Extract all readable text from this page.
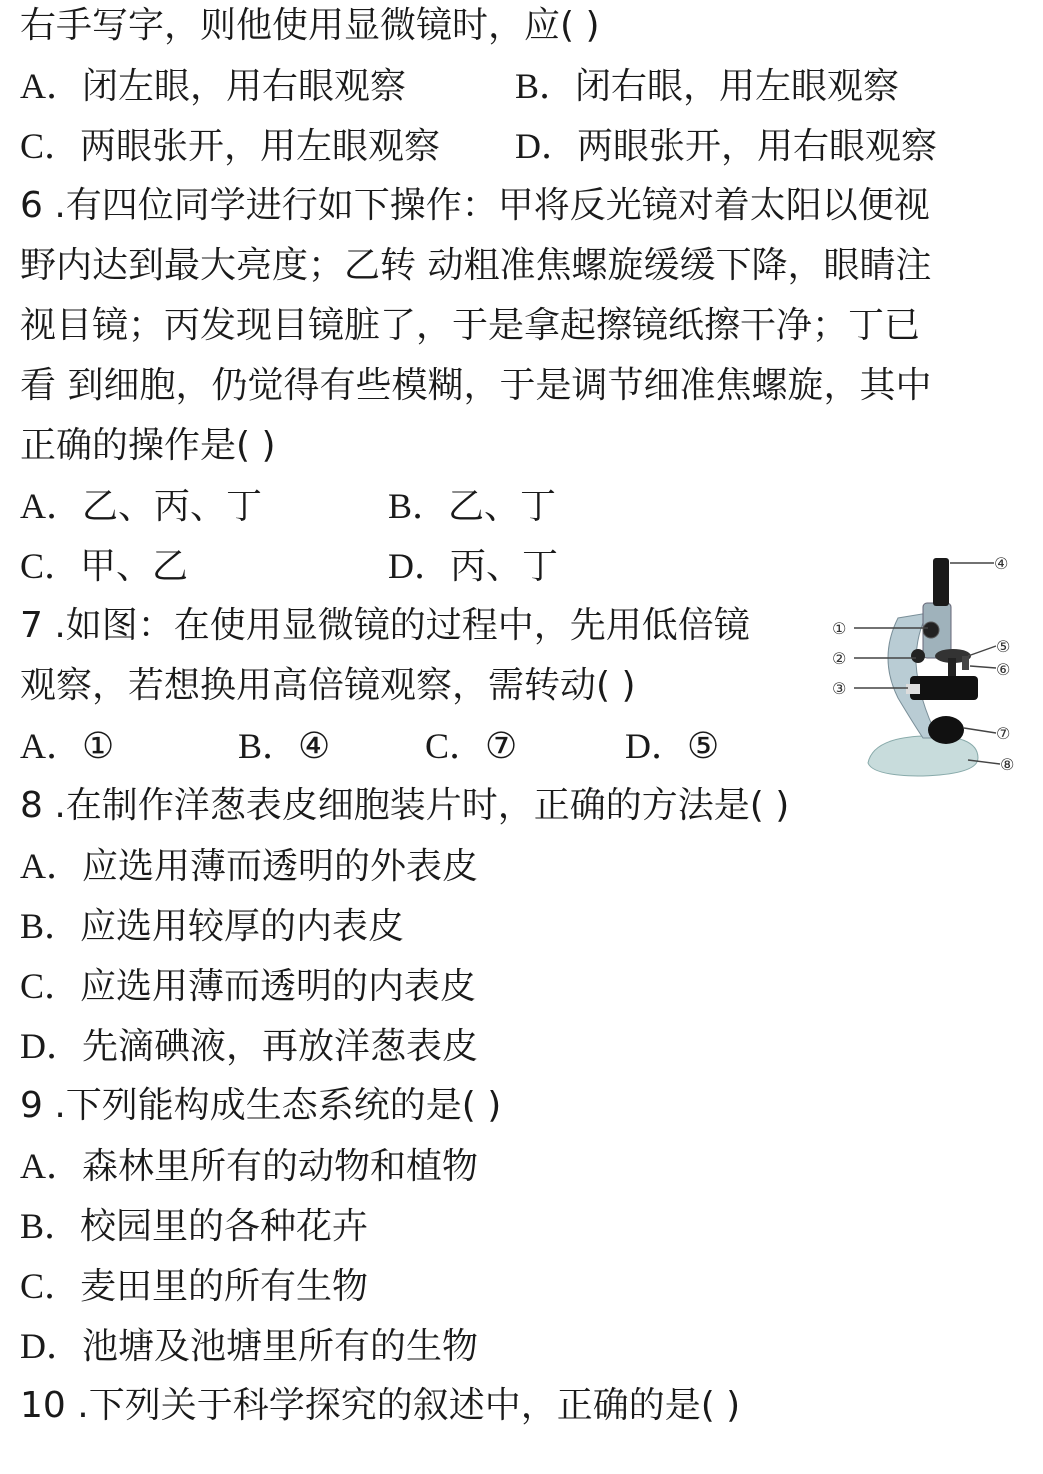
右手写字，则他使用显微镜时，应( )
A．闭左眼，用右眼观察	B．闭右眼，用左眼观察
C．两眼张开，用左眼观察 D．两眼张开，用右眼观察
6 .有四位同学进行如下操作：甲将反光镜对着太阳以便视
野内达到最大亮度；乙转 动粗准焦螺旋缓缓下降，眼睛注
视目镜；丙发现目镜脏了，于是拿起擦镜纸擦干净；丁已
看 到细胞，仍觉得有些模糊，于是调节细准焦螺旋，其中
正确的操作是( )
A．乙、丙、丁	B．乙、丁
C．甲、乙	D．丙、丁
7 .如图：在使用显微镜的过程中，先用低倍镜
观察，若想换用高倍镜观察，需转动( )
A．①	B．④	C．⑦	D．⑤
①
②
③
④
⑤
⑥
⑦
⑧
8 .在制作洋葱表皮细胞装片时，正确的方法是( )
A．应选用薄而透明的外表皮
B．应选用较厚的内表皮
C．应选用薄而透明的内表皮
D．先滴碘液，再放洋葱表皮
9 .下列能构成生态系统的是( )
A．森林里所有的动物和植物
B．校园里的各种花卉
C．麦田里的所有生物
D．池塘及池塘里所有的生物
10 .下列关于科学探究的叙述中，正确的是( )
